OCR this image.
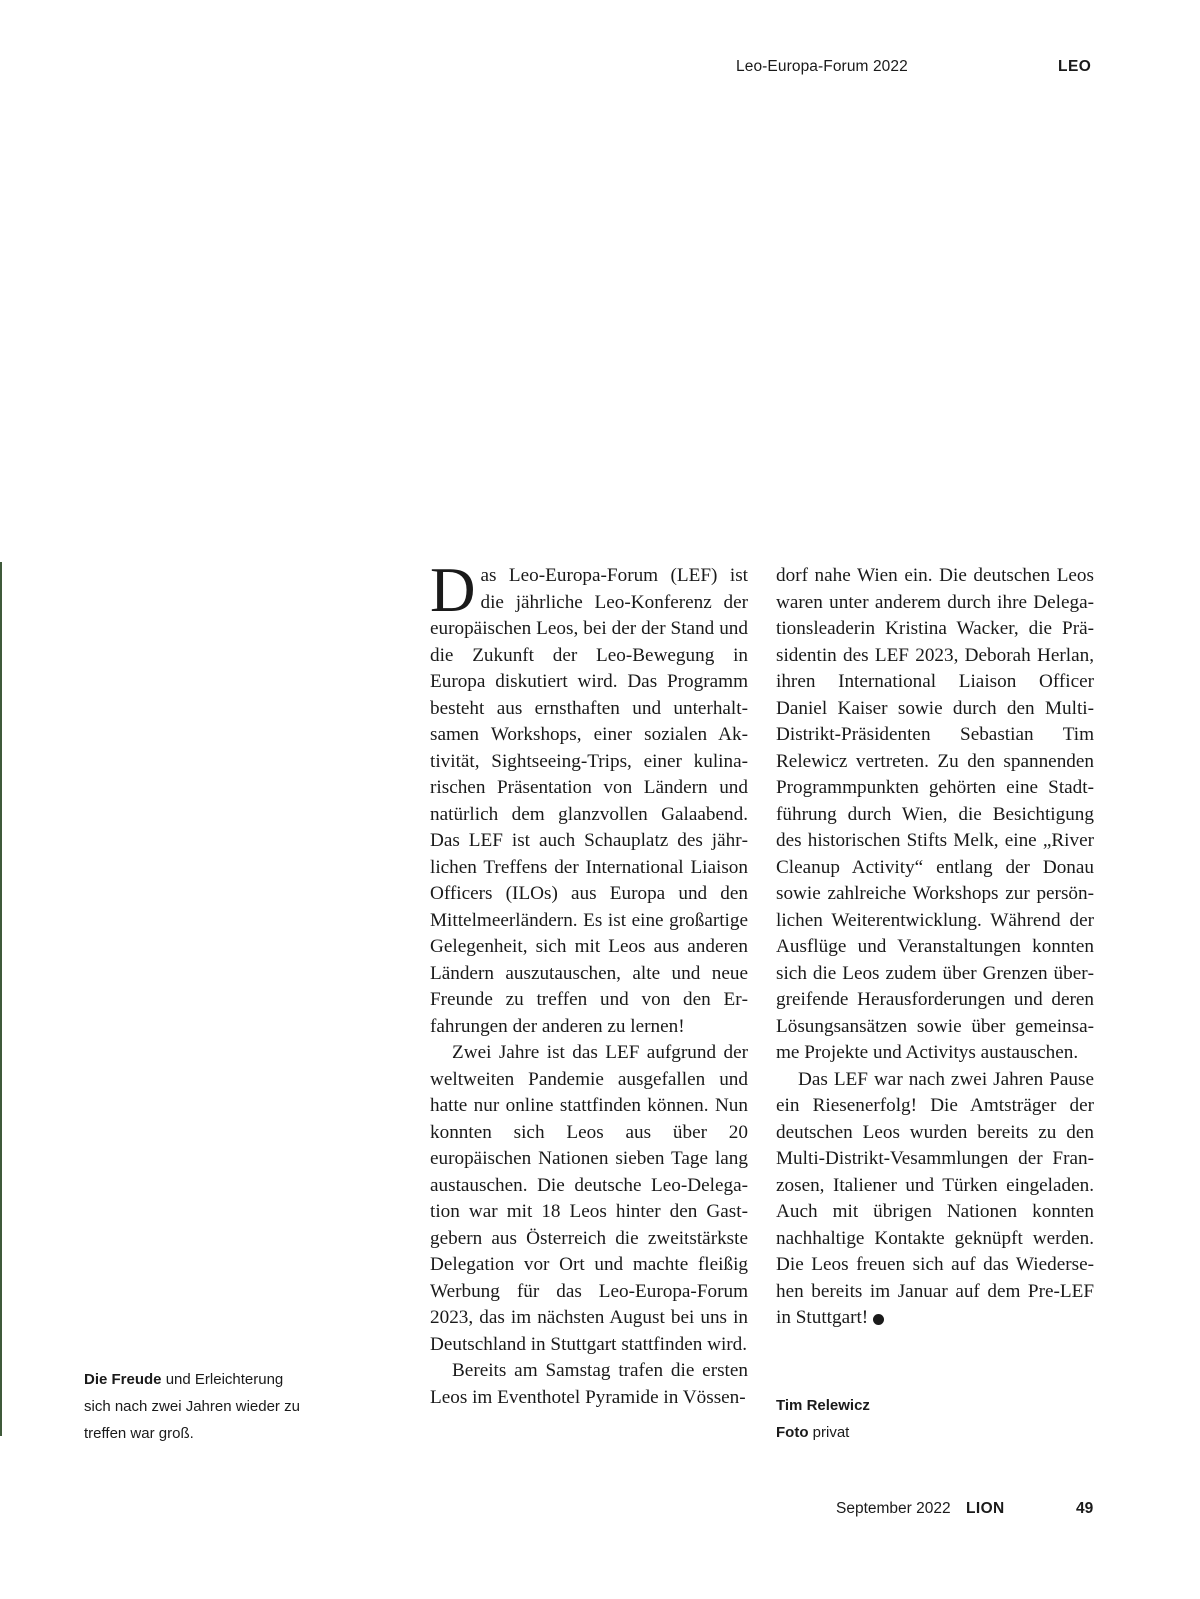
Leo-Europa-Forum 2022	LEO

Das Leo-Europa-Forum (LEF) ist die jährliche Leo-Konferenz der europäischen Leos, bei der der Stand und die Zukunft der Leo-Bewegung in Europa diskutiert wird. Das Programm besteht aus ernsthaften und unterhaltsamen Workshops, einer sozialen Aktivität, Sightseeing-Trips, einer kulinarischen Präsentation von Ländern und natürlich dem glanzvollen Galaabend. Das LEF ist auch Schauplatz des jährlichen Treffens der International Liaison Officers (ILOs) aus Europa und den Mittelmeerländern. Es ist eine großartige Gelegenheit, sich mit Leos aus anderen Ländern auszutauschen, alte und neue Freunde zu treffen und von den Erfahrungen der anderen zu lernen!

Zwei Jahre ist das LEF aufgrund der weltweiten Pandemie ausgefallen und hatte nur online stattfinden können. Nun konnten sich Leos aus über 20 europäischen Nationen sieben Tage lang austauschen. Die deutsche Leo-Delegation war mit 18 Leos hinter den Gastgebern aus Österreich die zweitstärkste Delegation vor Ort und machte fleißig Werbung für das Leo-Europa-Forum 2023, das im nächsten August bei uns in Deutschland in Stuttgart stattfinden wird.

Bereits am Samstag trafen die ersten Leos im Eventhotel Pyramide in Vössen-

dorf nahe Wien ein. Die deutschen Leos waren unter anderem durch ihre Delegationsleaderin Kristina Wacker, die Präsidentin des LEF 2023, Deborah Herlan, ihren International Liaison Officer Daniel Kaiser sowie durch den Multi-Distrikt-Präsidenten Sebastian Tim Relewicz vertreten. Zu den spannenden Programmpunkten gehörten eine Stadtführung durch Wien, die Besichtigung des historischen Stifts Melk, eine „River Cleanup Activity“ entlang der Donau sowie zahlreiche Workshops zur persönlichen Weiterentwicklung. Während der Ausflüge und Veranstaltungen konnten sich die Leos zudem über Grenzen übergreifende Herausforderungen und deren Lösungsansätzen sowie über gemeinsame Projekte und Activitys austauschen.

Das LEF war nach zwei Jahren Pause ein Riesenerfolg! Die Amtsträger der deutschen Leos wurden bereits zu den Multi-Distrikt-Vesammlungen der Franzosen, Italiener und Türken eingeladen. Auch mit übrigen Nationen konnten nachhaltige Kontakte geknüpft werden. Die Leos freuen sich auf das Wiedersehen bereits im Januar auf dem Pre-LEF in Stuttgart!	L

Die Freude und Erleichterung sich nach zwei Jahren wieder zu treffen war groß.
Tim Relewicz
Foto privat
September 2022 LION	49
